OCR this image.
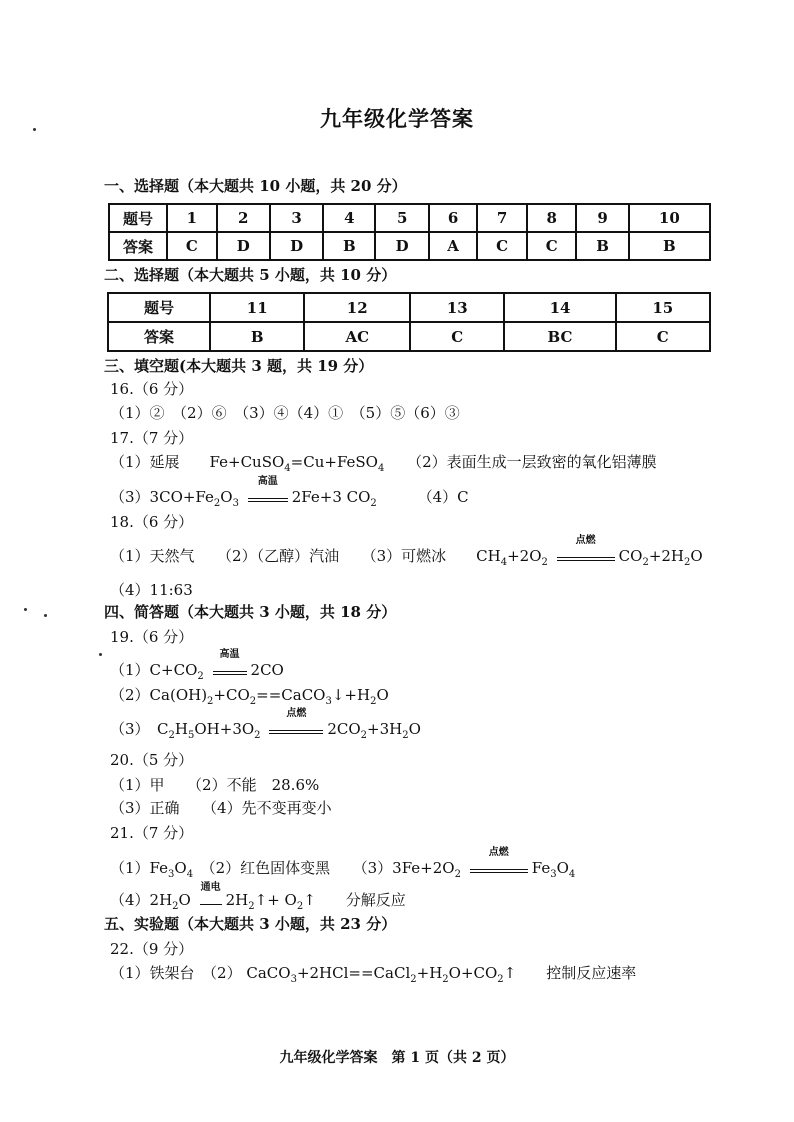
九年级化学答案
一、选择题（本大题共 10 小题，共 20 分）
题号	1	2	3	4	5	6	7	8	9	10
答案	C	D	D	B	D	A	C	C	B	B
二、选择题（本大题共 5 小题，共 10 分）
题号	11	12	13	14	15
答案	B	AC	C	BC	C
三、填空题(本大题共 3 题，共 19 分）
16.（6 分）
（1）②　（2）⑥　（3）④（4）①　（5）⑤（6）③
17.（7 分）
（1）延展　　Fe+CuSO$_4$=Cu+FeSO$_4$ （2）表面生成一层致密的氧化铝薄膜
$(3)3CO+Fe_2O_3$
高温
2Fe+3 $CO_2$	（4）C
18.（6 分）
（1）天然气　　（2）（乙醇）汽油　　（3）可燃冰　　$CH_4+2O_2$
点燃
$CO_2+2H_2O$
（4）11:63
四、简答题（本大题共 3 小题，共 18 分）
19.（6 分）
$(1)C+CO_2$
高温
2CO
$(2)Ca(OH)_2+CO_2==CaCO_3↓+H_2O$
（3）　$C_2H_5OH+3O_2$
点燃
$2CO_2+3H_2O$
20.（5 分）
（1）甲　　（2）不能　28.6%
（3）正确　　（4）先不变再变小
21.（7 分）
$(1)Fe_3O_4$　（2）红色固体变黑　　$(3)3Fe+2O_2$
点燃
$Fe_3O_4$
$(4)2H_2O$
通电
$2H_2↑+$ $O_2↑$　　分解反应
五、实验题（本大题共 3 小题，共 23 分）
22.（9 分）
（1）铁架台　（2） $CaCO_3+2HCl==CaCl_2+H_2O+CO_2↑$　　控制反应速率
九年级化学答案　第 1 页（共 2 页）
